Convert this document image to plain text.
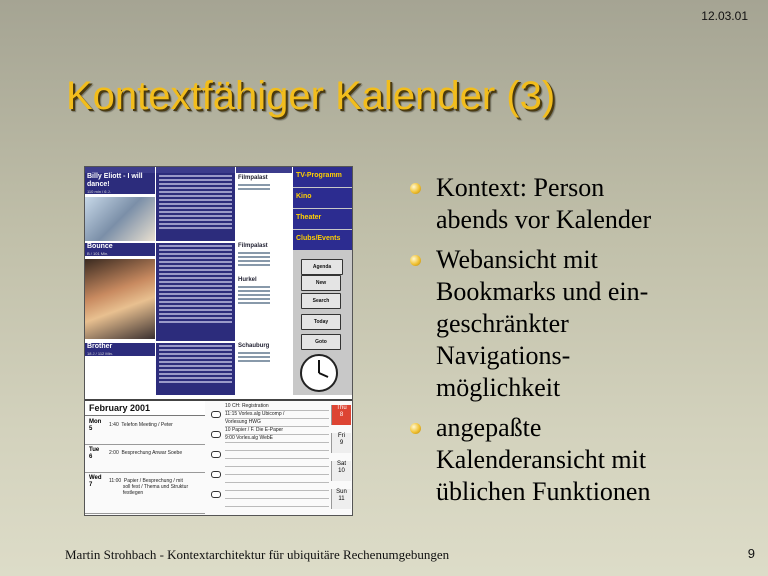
12.03.01
Kontextfähiger Kalender (3)
Billy Eliott - I will dance!
110 min / 6 J.
Bounce
B / 101 Min.
Brother
18 J / 112 Min.
Filmpalast
Filmpalast
Hurkel
Schauburg
TV-Programm
Kino
Theater
Clubs/Events
Agenda
New
Search
Today
Goto
February 2001
Mon
5
1:40  Telefon Meeting / Peter
Tue
6
2:00  Besprechung Anwar Soebe
Wed
7
11:00  Papier / Besprechung / mit
soll fest / Thema und Struktur
festlegen
10 CH: Registration
11:15 Vorles.alg Ubicomp /
Vorlesung HWG
10 Papier / F. Die E-Paper
9:00 Vorles.alg WebE
Thu
8
Fri
9
Sat
10
Sun
11
Kontext: Person
abends vor Kalender
Webansicht mit
Bookmarks und ein-
geschränkter
Navigations-
möglichkeit
angepaßte
Kalenderansicht mit
üblichen Funktionen
Martin Strohbach - Kontextarchitektur für ubiquitäre Rechenumgebungen	9
